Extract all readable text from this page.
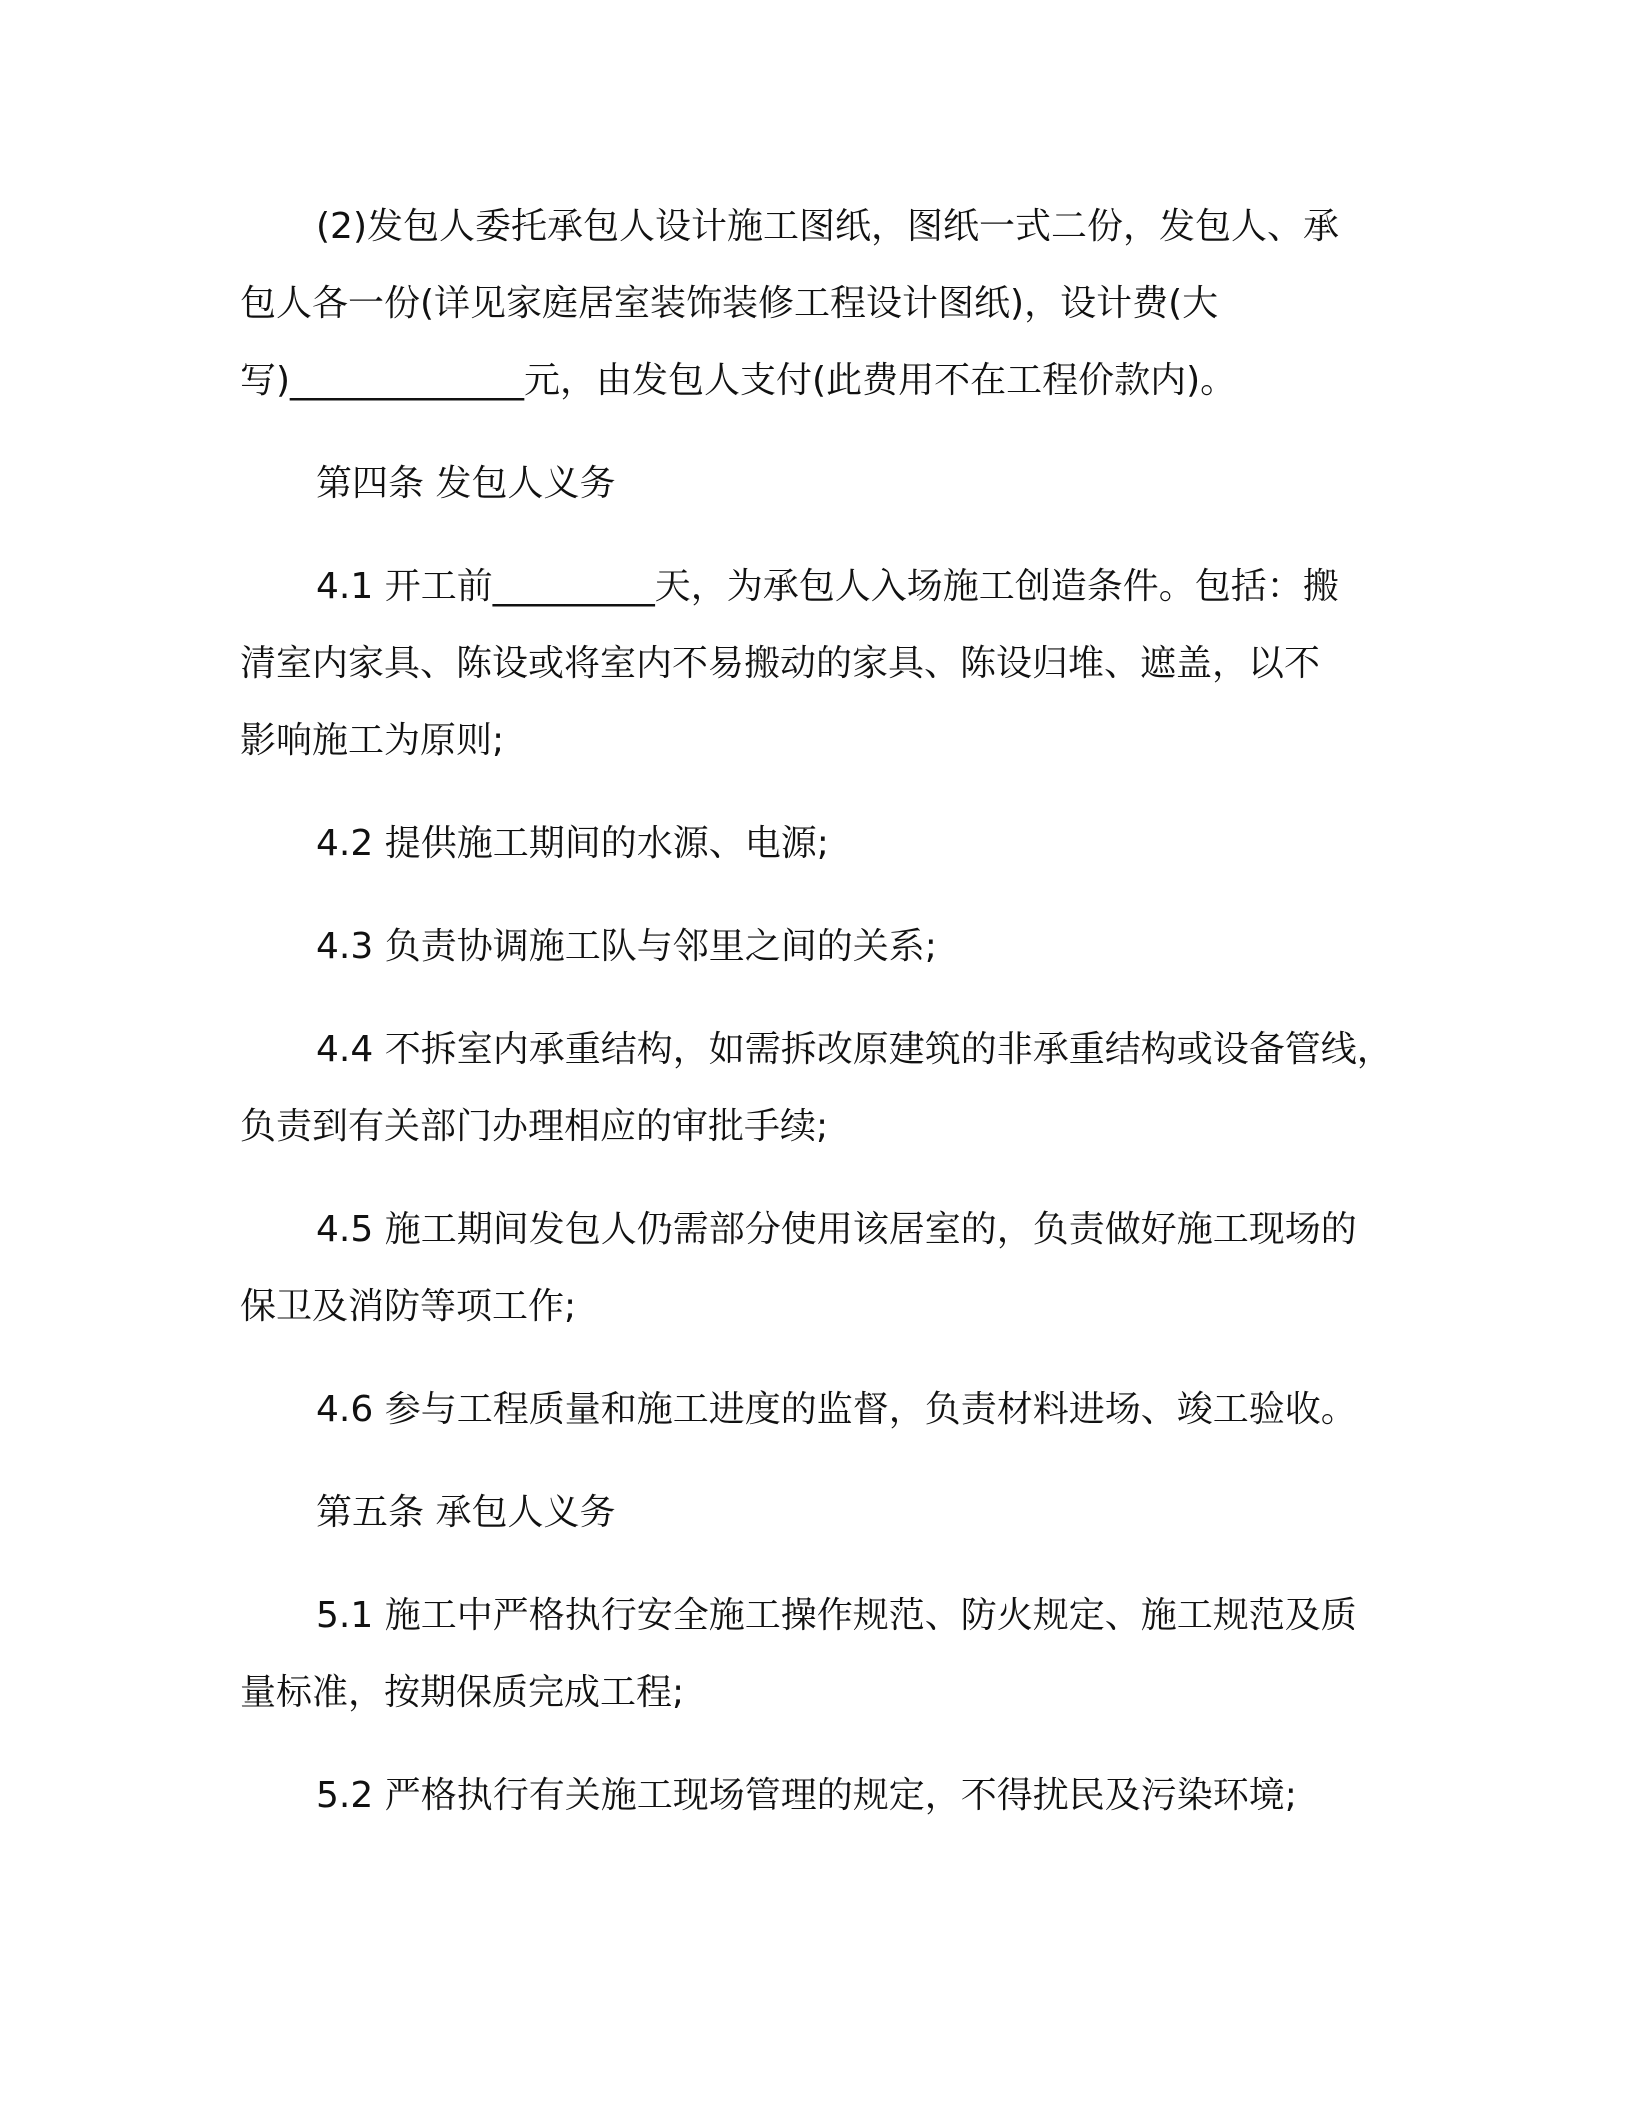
(2)发包人委托承包人设计施工图纸，图纸一式二份，发包人、承
包人各一份(详见家庭居室装饰装修工程设计图纸)，设计费(大
写)_____________元，由发包人支付(此费用不在工程价款内)。

第四条 发包人义务

4.1 开工前_________天，为承包人入场施工创造条件。包括：搬
清室内家具、陈设或将室内不易搬动的家具、陈设归堆、遮盖，以不
影响施工为原则;

4.2 提供施工期间的水源、电源;

4.3 负责协调施工队与邻里之间的关系;

4.4 不拆室内承重结构，如需拆改原建筑的非承重结构或设备管线，
负责到有关部门办理相应的审批手续;

4.5 施工期间发包人仍需部分使用该居室的，负责做好施工现场的
保卫及消防等项工作;

4.6 参与工程质量和施工进度的监督，负责材料进场、竣工验收。

第五条 承包人义务

5.1 施工中严格执行安全施工操作规范、防火规定、施工规范及质
量标准，按期保质完成工程;

5.2 严格执行有关施工现场管理的规定，不得扰民及污染环境;
